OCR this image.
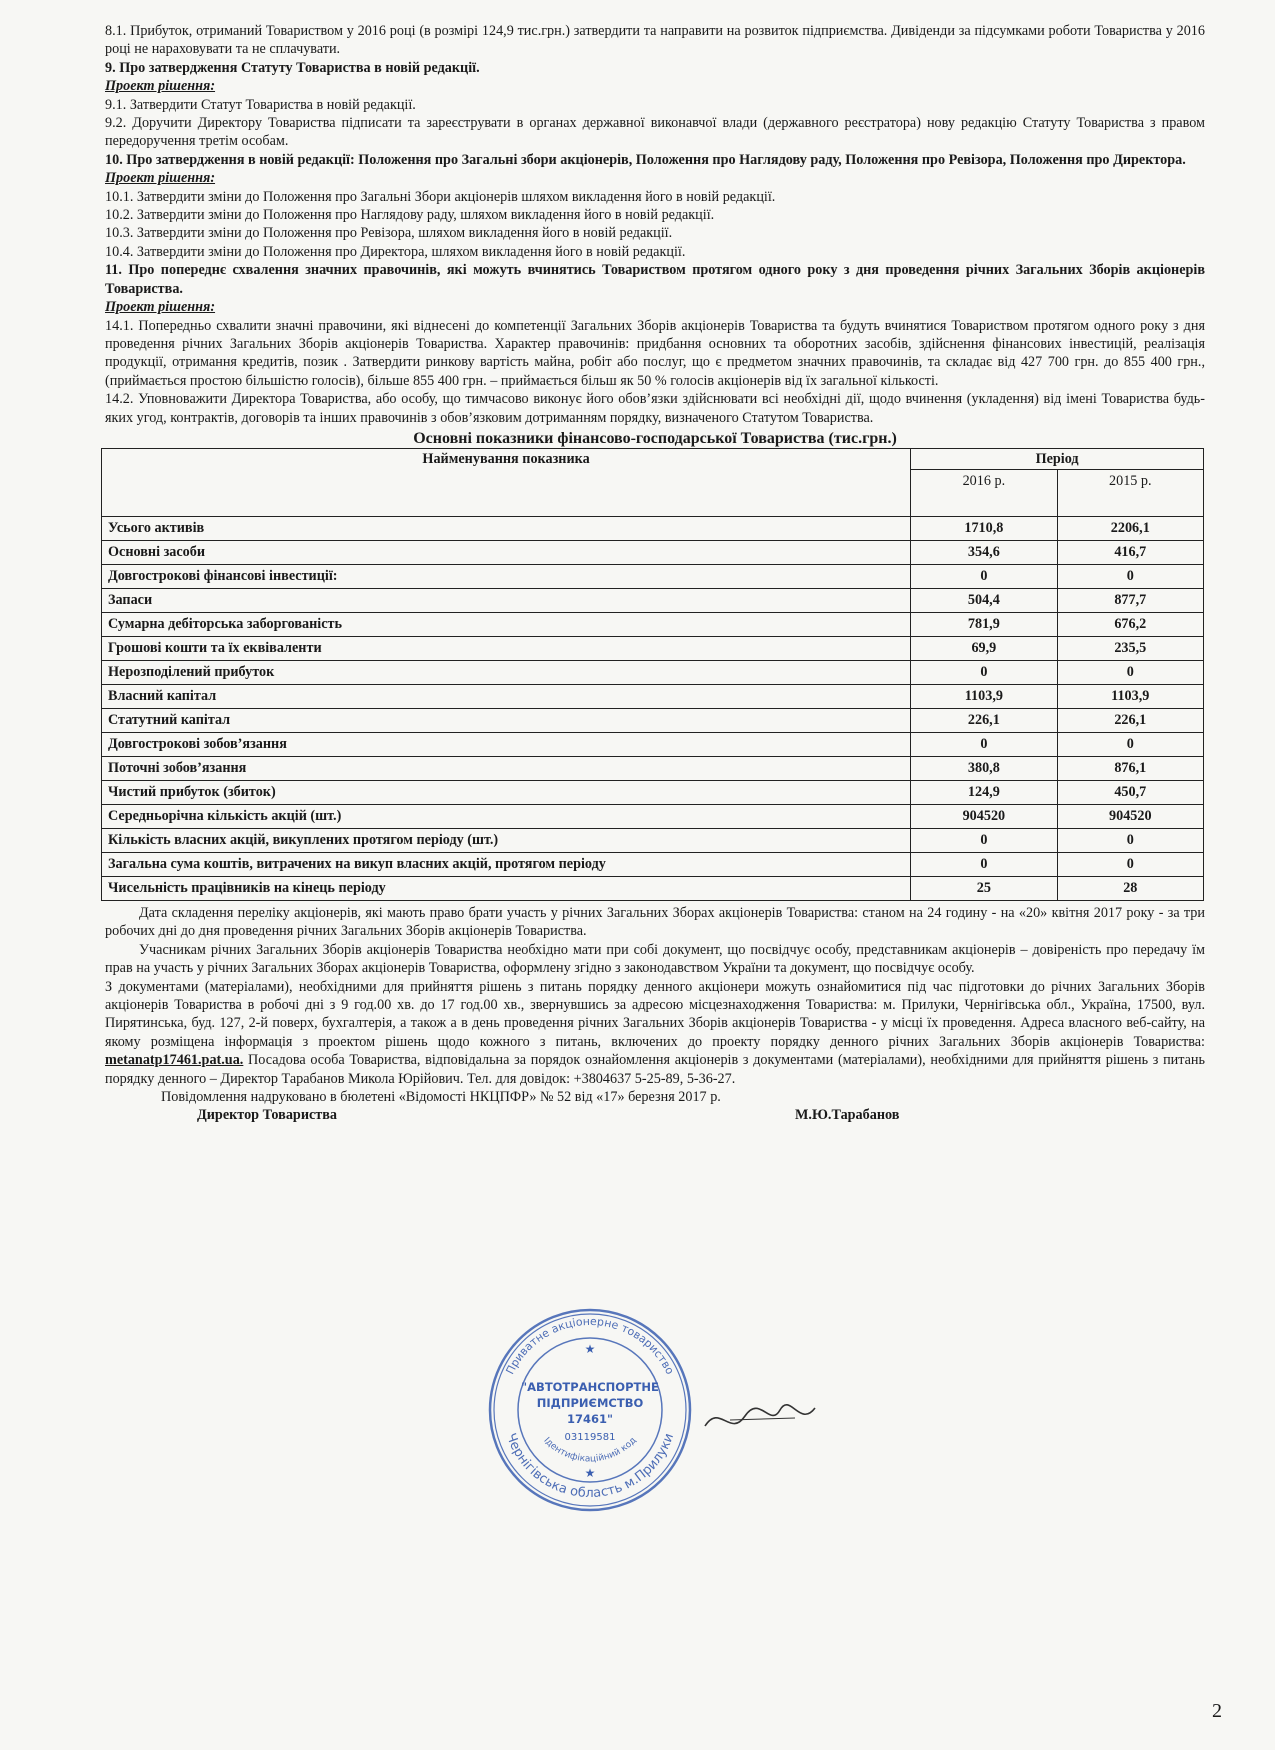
8.1. Прибуток, отриманий Товариством у 2016 році (в розмірі 124,9 тис.грн.) затвердити та направити на розвиток підприємства. Дивіденди за підсумками роботи Товариства у 2016 році не нараховувати та не сплачувати.

9. Про затвердження Статуту Товариства в новій редакції.

Проект рішення:

9.1. Затвердити Статут Товариства в новій редакції.

9.2. Доручити Директору Товариства підписати та зареєструвати в органах державної виконавчої влади (державного реєстратора) нову редакцію Статуту Товариства з правом передоручення третім особам.

10. Про затвердження в новій редакції: Положення про Загальні збори акціонерів, Положення про Наглядову раду, Положення про Ревізора, Положення про Директора.

Проект рішення:

10.1. Затвердити зміни до Положення про Загальні Збори акціонерів шляхом викладення його в новій редакції.

10.2. Затвердити зміни до Положення про Наглядову раду, шляхом викладення його в новій редакції.

10.3. Затвердити зміни до Положення про Ревізора, шляхом викладення його в новій редакції.

10.4. Затвердити зміни до Положення про Директора, шляхом викладення його в новій редакції.

11. Про попереднє схвалення значних правочинів, які можуть вчинятись Товариством протягом одного року з дня проведення річних Загальних Зборів акціонерів Товариства.

Проект рішення:

14.1. Попередньо схвалити значні правочини, які віднесені до компетенції Загальних Зборів акціонерів Товариства та будуть вчинятися Товариством протягом одного року з дня проведення річних Загальних Зборів акціонерів Товариства. Характер правочинів: придбання основних та оборотних засобів, здійснення фінансових інвестицій, реалізація продукції, отримання кредитів, позик . Затвердити ринкову вартість майна, робіт або послуг, що є предметом значних правочинів, та складає від 427 700 грн. до 855 400 грн., (приймається простою більшістю голосів), більше 855 400 грн. – приймається більш як 50 % голосів акціонерів від їх загальної кількості.

14.2. Уповноважити Директора Товариства, або особу, що тимчасово виконує його обов’язки здійснювати всі необхідні дії, щодо вчинення (укладення) від імені Товариства будь-яких угод, контрактів, договорів та інших правочинів з обов’язковим дотриманням порядку, визначеного Статутом Товариства.

Основні показники фінансово-господарської Товариства (тис.грн.)
Найменування показника	Період	
	2016 р.	2015 р.
Усього активів	1710,8	2206,1
Основні засоби	354,6	416,7
Довгострокові фінансові інвестиції:	0	0
Запаси	504,4	877,7
Сумарна дебіторська заборгованість	781,9	676,2
Грошові кошти та їх еквіваленти	69,9	235,5
Нерозподілений прибуток	0	0
Власний капітал	1103,9	1103,9
Статутний капітал	226,1	226,1
Довгострокові зобов’язання	0	0
Поточні зобов’язання	380,8	876,1
Чистий прибуток (збиток)	124,9	450,7
Середньорічна кількість акцій (шт.)	904520	904520
Кількість власних акцій, викуплених протягом періоду (шт.)	0	0
Загальна сума коштів, витрачених на викуп власних акцій, протягом періоду	0	0
Чисельність працівників на кінець періоду	25	28

Дата складення переліку акціонерів, які мають право брати участь у річних Загальних Зборах акціонерів Товариства: станом на 24 годину - на «20» квітня 2017 року - за три робочих дні до дня проведення річних Загальних Зборів акціонерів Товариства.

Учасникам річних Загальних Зборів акціонерів Товариства необхідно мати при собі документ, що посвідчує особу, представникам акціонерів – довіреність про передачу їм прав на участь у річних Загальних Зборах акціонерів Товариства, оформлену згідно з законодавством України та документ, що посвідчує особу.

З документами (матеріалами), необхідними для прийняття рішень з питань порядку денного акціонери можуть ознайомитися під час підготовки до річних Загальних Зборів акціонерів Товариства в робочі дні з 9 год.00 хв. до 17 год.00 хв., звернувшись за адресою місцезнаходження Товариства: м. Прилуки, Чернігівська обл., Україна, 17500, вул. Пирятинська, буд. 127, 2-й поверх, бухгалтерія, а також а в день проведення річних Загальних Зборів акціонерів Товариства - у місці їх проведення. Адреса власного веб-сайту, на якому розміщена інформація з проектом рішень щодо кожного з питань, включених до проекту порядку денного річних Загальних Зборів акціонерів Товариства: metanatp17461.pat.ua. Посадова особа Товариства, відповідальна за порядок ознайомлення акціонерів з документами (матеріалами), необхідними для прийняття рішень з питань порядку денного – Директор Тарабанов Микола Юрійович. Тел. для довідок: +3804637 5-25-89, 5-36-27.

Повідомлення надруковано в бюлетені «Відомості НКЦПФР» № 52 від «17» березня 2017 р.

Директор Товариства	М.Ю.Тарабанов
Приватне акціонерне товариство
Чернігівська область м.Прилуки
Ідентифікаційний код
"АВТОТРАНСПОРТНЕ
ПІДПРИЄМСТВО
17461"
03119581
★
★
2
